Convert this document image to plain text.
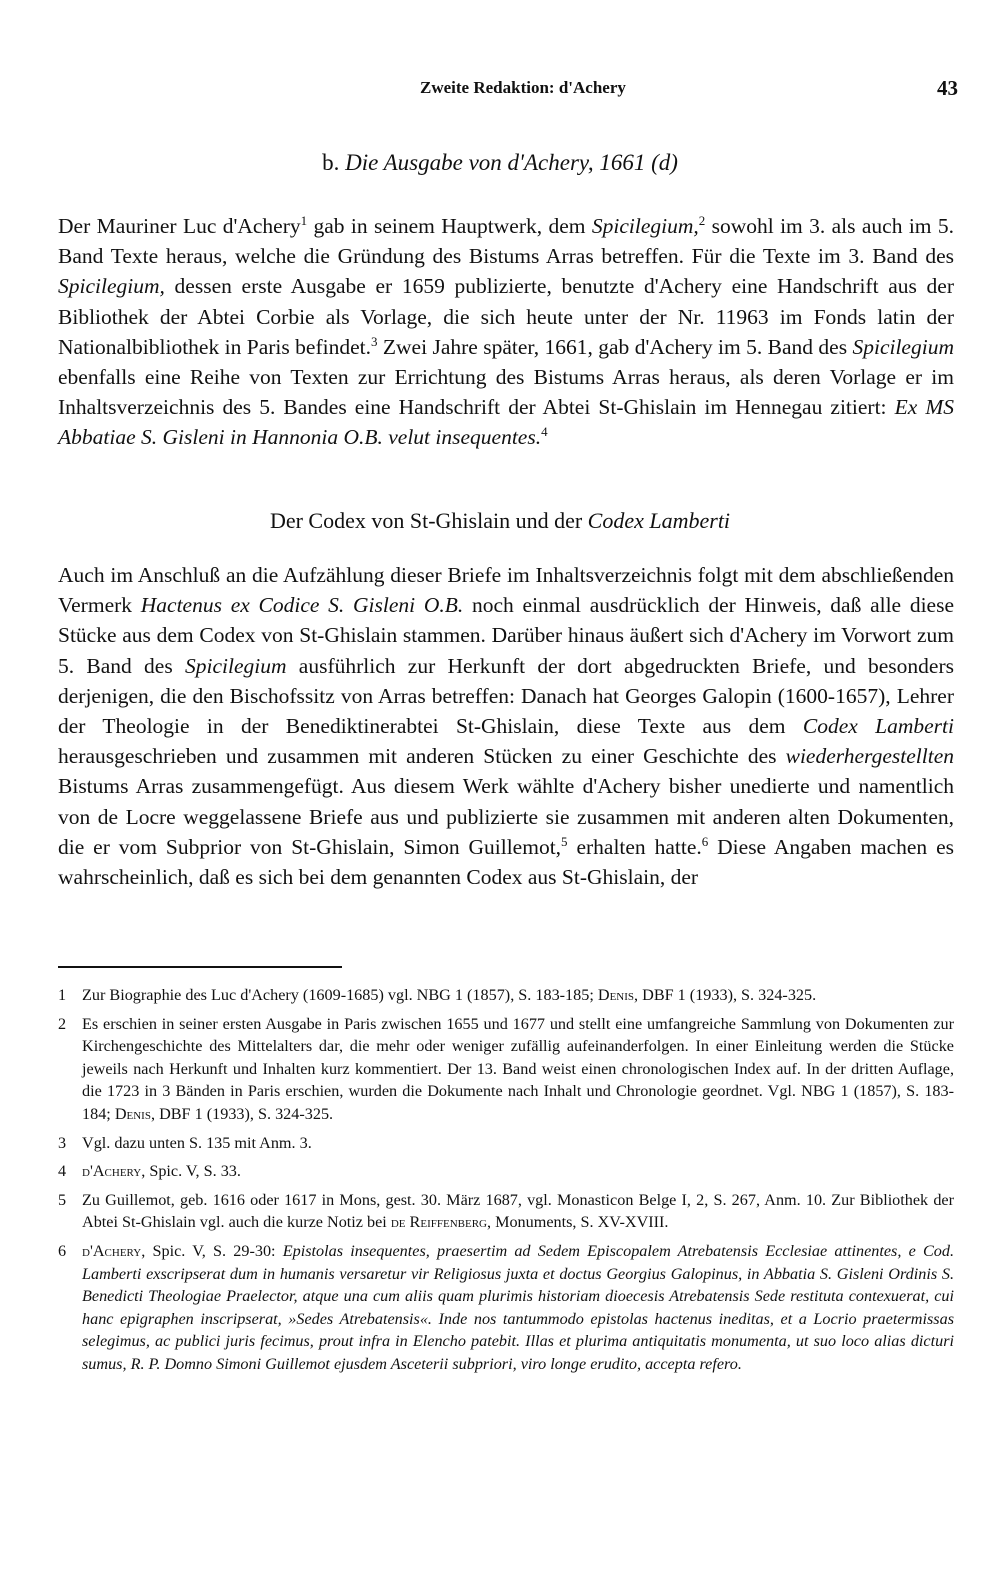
Zweite Redaktion: d'Achery	43
b. Die Ausgabe von d'Achery, 1661 (d)

Der Mauriner Luc d'Achery$^1$ gab in seinem Hauptwerk, dem Spicilegium,$^2$ sowohl im 3. als auch im 5. Band Texte heraus, welche die Gründung des Bistums Arras betreffen. Für die Texte im 3. Band des Spicilegium, dessen erste Ausgabe er 1659 publizierte, benutzte d'Achery eine Handschrift aus der Bibliothek der Abtei Corbie als Vorlage, die sich heute unter der Nr. 11963 im Fonds latin der Nationalbibliothek in Paris befindet.$^3$ Zwei Jahre später, 1661, gab d'Achery im 5. Band des Spicilegium ebenfalls eine Reihe von Texten zur Errichtung des Bistums Arras heraus, als deren Vorlage er im Inhaltsverzeichnis des 5. Bandes eine Handschrift der Abtei St-Ghislain im Hennegau zitiert: Ex MS Abbatiae S. Gisleni in Hannonia O.B. velut insequentes.$^4$

Der Codex von St-Ghislain und der Codex Lamberti

Auch im Anschluß an die Aufzählung dieser Briefe im Inhaltsverzeichnis folgt mit dem abschließenden Vermerk Hactenus ex Codice S. Gisleni O.B. noch einmal ausdrücklich der Hinweis, daß alle diese Stücke aus dem Codex von St-Ghislain stammen. Darüber hinaus äußert sich d'Achery im Vorwort zum 5. Band des Spicilegium ausführlich zur Herkunft der dort abgedruckten Briefe, und besonders derjenigen, die den Bischofssitz von Arras betreffen: Danach hat Georges Galopin (1600-1657), Lehrer der Theologie in der Benediktinerabtei St-Ghislain, diese Texte aus dem Codex Lamberti herausgeschrieben und zusammen mit anderen Stücken zu einer Geschichte des wiederhergestellten Bistums Arras zusammengefügt. Aus diesem Werk wählte d'Achery bisher unedierte und namentlich von de Locre weggelassene Briefe aus und publizierte sie zusammen mit anderen alten Dokumenten, die er vom Subprior von St-Ghislain, Simon Guillemot,$^5$ erhalten hatte.$^6$ Diese Angaben machen es wahrscheinlich, daß es sich bei dem genannten Codex aus St-Ghislain, der

1 Zur Biographie des Luc d'Achery (1609-1685) vgl. NBG 1 (1857), S. 183-185; Denis, DBF 1 (1933), S. 324-325.
2 Es erschien in seiner ersten Ausgabe in Paris zwischen 1655 und 1677 und stellt eine umfangreiche Sammlung von Dokumenten zur Kirchengeschichte des Mittelalters dar, die mehr oder weniger zufällig aufeinanderfolgen. In einer Einleitung werden die Stücke jeweils nach Herkunft und Inhalten kurz kommentiert. Der 13. Band weist einen chronologischen Index auf. In der dritten Auflage, die 1723 in 3 Bänden in Paris erschien, wurden die Dokumente nach Inhalt und Chronologie geordnet. Vgl. NBG 1 (1857), S. 183-184; Denis, DBF 1 (1933), S. 324-325.
3 Vgl. dazu unten S. 135 mit Anm. 3.
4 d'Achery, Spic. V, S. 33.
5 Zu Guillemot, geb. 1616 oder 1617 in Mons, gest. 30. März 1687, vgl. Monasticon Belge I, 2, S. 267, Anm. 10. Zur Bibliothek der Abtei St-Ghislain vgl. auch die kurze Notiz bei de Reiffenberg, Monuments, S. XV-XVIII.
6 d'Achery, Spic. V, S. 29-30: Epistolas insequentes, praesertim ad Sedem Episcopalem Atrebatensis Ecclesiae attinentes, e Cod. Lamberti exscripserat dum in humanis versaretur vir Religiosus juxta et doctus Georgius Galopinus, in Abbatia S. Gisleni Ordinis S. Benedicti Theologiae Praelector, atque una cum aliis quam plurimis historiam dioecesis Atrebatensis Sede restituta contexuerat, cui hanc epigraphen inscripserat, »Sedes Atrebatensis«. Inde nos tantummodo epistolas hactenus ineditas, et a Locrio praetermissas selegimus, ac publici juris fecimus, prout infra in Elencho patebit. Illas et plurima antiquitatis monumenta, ut suo loco alias dicturi sumus, R. P. Domno Simoni Guillemot ejusdem Asceterii subpriori, viro longe erudito, accepta refero.
